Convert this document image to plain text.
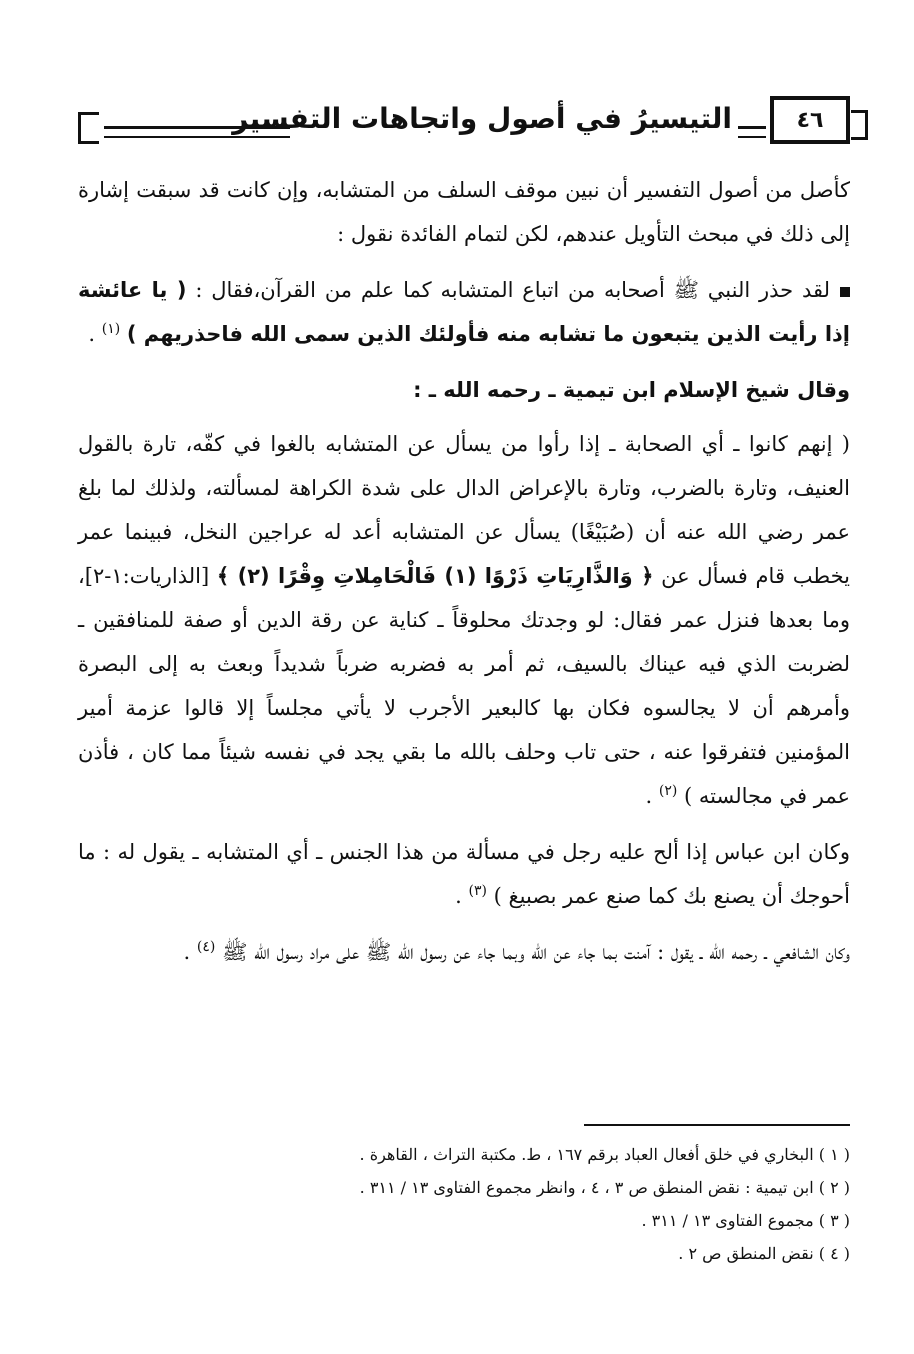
٤٦
التيسيرُ في أصول واتجاهات التفسير

كأصل من أصول التفسير أن نبين موقف السلف من المتشابه، وإن كانت قد سبقت إشارة إلى ذلك في مبحث التأويل عندهم، لكن لتمام الفائدة نقول :

لقد حذر النبي ﷺ أصحابه من اتباع المتشابه كما علم من القرآن،فقال : ( يا عائشة إذا رأيت الذين يتبعون ما تشابه منه فأولئك الذين سمى الله فاحذريهم ) $^{(١)}$ .

وقال شيخ الإسلام ابن تيمية ـ رحمه الله ـ :

( إنهم كانوا ـ أي الصحابة ـ إذا رأوا من يسأل عن المتشابه بالغوا في كفّه، تارة بالقول العنيف، وتارة بالضرب، وتارة بالإعراض الدال على شدة الكراهة لمسألته، ولذلك لما بلغ عمر رضي الله عنه أن (صُبَيْغًا) يسأل عن المتشابه أعد له عراجين النخل، فبينما عمر يخطب قام فسأل عن ﴿ وَالذَّارِيَاتِ ذَرْوًا (١) فَالْحَامِلاتِ وِقْرًا (٢) ﴾ [الذاريات:١-٢]، وما بعدها فنزل عمر فقال: لو وجدتك محلوقاً ـ كناية عن رقة الدين أو صفة للمنافقين ـ لضربت الذي فيه عيناك بالسيف، ثم أمر به فضربه ضرباً شديداً وبعث به إلى البصرة وأمرهم أن لا يجالسوه فكان بها كالبعير الأجرب لا يأتي مجلساً إلا قالوا عزمة أمير المؤمنين فتفرقوا عنه ، حتى تاب وحلف بالله ما بقي يجد في نفسه شيئاً مما كان ، فأذن عمر في مجالسته ) $^{(٢)}$ .

وكان ابن عباس إذا ألح عليه رجل في مسألة من هذا الجنس ـ أي المتشابه ـ يقول له : ما أحوجك أن يصنع بك كما صنع عمر بصبيغ ) $^{(٣)}$ .

وكان الشافعي ـ رحمه الله ـ يقول : آمنت بما جاء عن الله وبما جاء عن رسول الله ﷺ على مراد رسول الله ﷺ $^{(٤)}$ .

( ١ ) البخاري في خلق أفعال العباد برقم ١٦٧ ، ط. مكتبة التراث ، القاهرة .

( ٢ ) ابن تيمية : نقض المنطق ص ٣ ، ٤ ، وانظر مجموع الفتاوى ١٣ / ٣١١ .

( ٣ ) مجموع الفتاوى ١٣ / ٣١١ .

( ٤ ) نقض المنطق ص ٢ .
